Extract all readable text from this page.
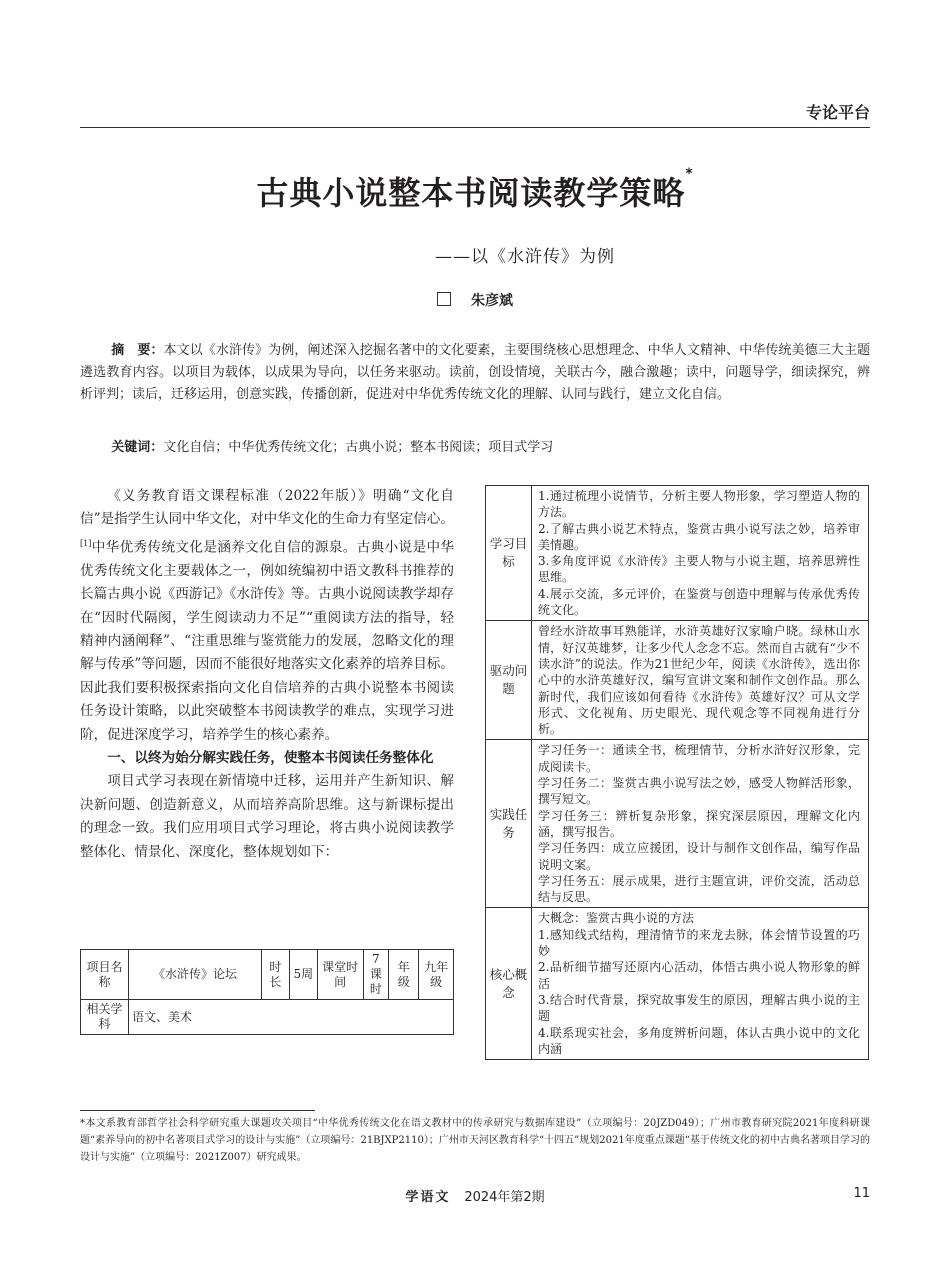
专论平台
古典小说整本书阅读教学策略*
——以《水浒传》为例
朱彦斌
摘　要：本文以《水浒传》为例，阐述深入挖掘名著中的文化要素，主要围绕核心思想理念、中华人文精神、中华传统美德三大主题遴选教育内容。以项目为载体，以成果为导向，以任务来驱动。读前，创设情境，关联古今，融合激趣；读中，问题导学，细读探究，辨析评判；读后，迁移运用，创意实践，传播创新，促进对中华优秀传统文化的理解、认同与践行，建立文化自信。
关键词：文化自信；中华优秀传统文化；古典小说；整本书阅读；项目式学习

《义务教育语文课程标准（2022年版）》明确“文化自信”是指学生认同中华文化，对中华文化的生命力有坚定信心。[1]中华优秀传统文化是涵养文化自信的源泉。古典小说是中华优秀传统文化主要载体之一，例如统编初中语文教科书推荐的长篇古典小说《西游记》《水浒传》等。古典小说阅读教学却存在“因时代隔阂，学生阅读动力不足”“重阅读方法的指导，轻精神内涵阐释”、“注重思维与鉴赏能力的发展，忽略文化的理解与传承”等问题，因而不能很好地落实文化素养的培养目标。因此我们要积极探索指向文化自信培养的古典小说整本书阅读任务设计策略，以此突破整本书阅读教学的难点，实现学习进阶，促进深度学习，培养学生的核心素养。

一、以终为始分解实践任务，使整本书阅读任务整体化

项目式学习表现在新情境中迁移，运用并产生新知识、解决新问题、创造新意义，从而培养高阶思维。这与新课标提出的理念一致。我们应用项目式学习理论，将古典小说阅读教学整体化、情景化、深度化，整体规划如下：

项目名称	《水浒传》论坛	时长	5周	课堂时间	7课时	年级	九年级
相关学科	语文、美术						
学习目标	1.通过梳理小说情节，分析主要人物形象，学习塑造人物的方法。
2.了解古典小说艺术特点，鉴赏古典小说写法之妙，培养审美情趣。
3.多角度评说《水浒传》主要人物与小说主题，培养思辨性思维。
4.展示交流，多元评价，在鉴赏与创造中理解与传承优秀传统文化。

驱动问题	曾经水浒故事耳熟能详，水浒英雄好汉家喻户晓。绿林山水情，好汉英雄梦，让多少代人念念不忘。然而自古就有“少不读水浒”的说法。作为21世纪少年，阅读《水浒传》，选出你心中的水浒英雄好汉，编写宣讲文案和制作文创作品。那么新时代，我们应该如何看待《水浒传》英雄好汉？可从文学形式、文化视角、历史眼光、现代观念等不同视角进行分析。
实践任务	学习任务一：通读全书，梳理情节，分析水浒好汉形象，完成阅读卡。
学习任务二：鉴赏古典小说写法之妙，感受人物鲜活形象，撰写短文。
学习任务三：辨析复杂形象，探究深层原因，理解文化内涵，撰写报告。
学习任务四：成立应援团，设计与制作文创作品，编写作品说明文案。
学习任务五：展示成果，进行主题宣讲，评价交流，活动总结与反思。

核心概念	大概念：鉴赏古典小说的方法
1.感知线式结构，理清情节的来龙去脉，体会情节设置的巧妙
2.品析细节描写还原内心活动，体悟古典小说人物形象的鲜活
3.结合时代背景，探究故事发生的原因，理解古典小说的主题
4.联系现实社会，多角度辨析问题，体认古典小说中的文化内涵
*本文系教育部哲学社会科学研究重大课题攻关项目“中华优秀传统文化在语文教材中的传承研究与数据库建设”（立项编号：20JZD049）；广州市教育研究院2021年度科研课题“素养导向的初中名著项目式学习的设计与实施”（立项编号：21BJXP2110）；广州市天河区教育科学“十四五”规划2021年度重点课题“基于传统文化的初中古典名著项目学习的设计与实施”（立项编号：2021Z007）研究成果。
学语文 2024年第2期	11
